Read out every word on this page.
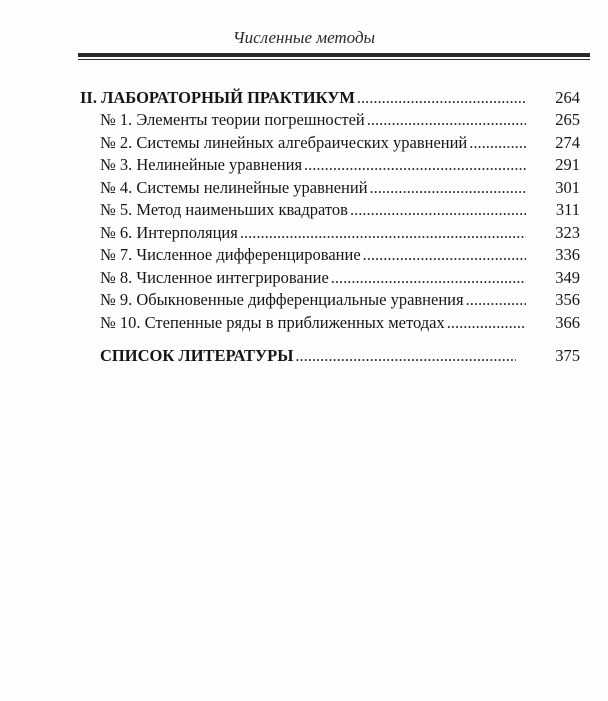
Численные методы
II. ЛАБОРАТОРНЫЙ ПРАКТИКУМ .....	264
№ 1. Элементы теории погрешностей .....	265
№ 2. Системы линейных алгебраических уравнений .....	274
№ 3. Нелинейные уравнения .....	291
№ 4. Системы нелинейные уравнений .....	301
№ 5. Метод наименьших квадратов .....	311
№ 6. Интерполяция .....	323
№ 7. Численное дифференцирование .....	336
№ 8. Численное интегрирование .....	349
№ 9. Обыкновенные дифференциальные уравнения .....	356
№ 10. Степенные ряды в приближенных методах .....	366
СПИСОК ЛИТЕРАТУРЫ .....	375
